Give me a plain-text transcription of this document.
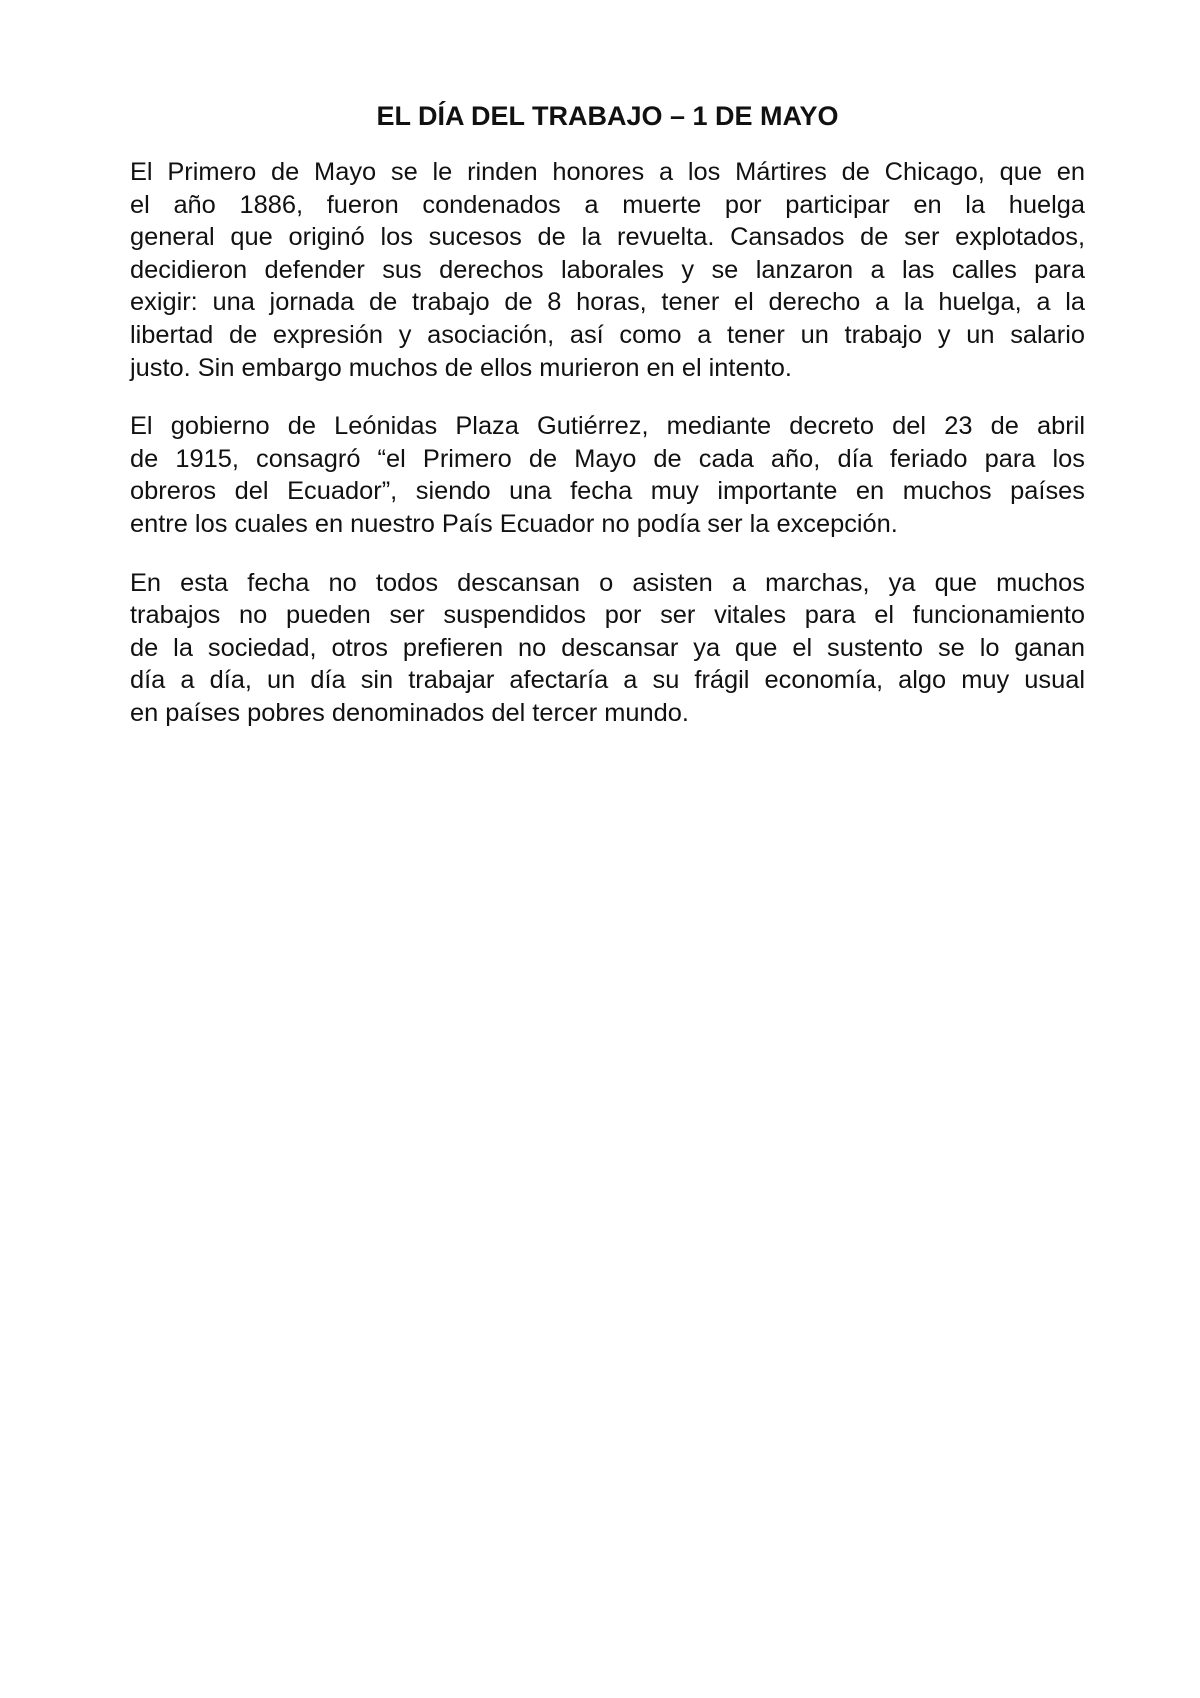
EL DÍA DEL TRABAJO – 1 DE MAYO

El Primero de Mayo se le rinden honores a los Mártires de Chicago, que en
el año 1886, fueron condenados a muerte por participar en la huelga
general que originó los sucesos de la revuelta. Cansados de ser explotados,
decidieron defender sus derechos laborales y se lanzaron a las calles para
exigir: una jornada de trabajo de 8 horas, tener el derecho a la huelga, a la
libertad de expresión y asociación, así como a tener un trabajo y un salario
justo. Sin embargo muchos de ellos murieron en el intento.

El gobierno de Leónidas Plaza Gutiérrez, mediante decreto del 23 de abril
de 1915, consagró “el Primero de Mayo de cada año, día feriado para los
obreros del Ecuador”, siendo una fecha muy importante en muchos países
entre los cuales en nuestro País Ecuador no podía ser la excepción.

En esta fecha no todos descansan o asisten a marchas, ya que muchos
trabajos no pueden ser suspendidos por ser vitales para el funcionamiento
de la sociedad, otros prefieren no descansar ya que el sustento se lo ganan
día a día, un día sin trabajar afectaría a su frágil economía, algo muy usual
en países pobres denominados del tercer mundo.
